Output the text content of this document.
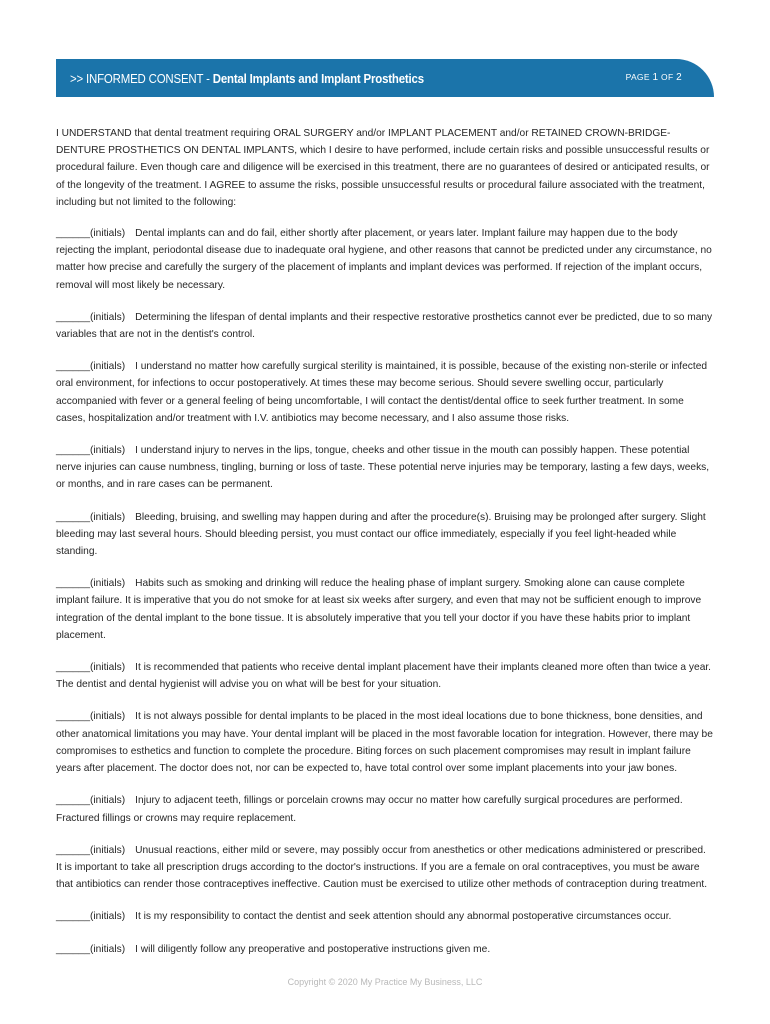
>> INFORMED CONSENT - Dental Implants and Implant Prosthetics	PAGE 1 OF 2

I UNDERSTAND that dental treatment requiring ORAL SURGERY and/or IMPLANT PLACEMENT and/or RETAINED CROWN-BRIDGE-DENTURE PROSTHETICS ON DENTAL IMPLANTS, which I desire to have performed, include certain risks and possible unsuccessful results or procedural failure. Even though care and diligence will be exercised in this treatment, there are no guarantees of desired or anticipated results, or of the longevity of the treatment. I AGREE to assume the risks, possible unsuccessful results or procedural failure associated with the treatment, including but not limited to the following:

______(initials) Dental implants can and do fail, either shortly after placement, or years later. Implant failure may happen due to the body rejecting the implant, periodontal disease due to inadequate oral hygiene, and other reasons that cannot be predicted under any circumstance, no matter how precise and carefully the surgery of the placement of implants and implant devices was performed. If rejection of the implant occurs, removal will most likely be necessary.

______(initials) Determining the lifespan of dental implants and their respective restorative prosthetics cannot ever be predicted, due to so many variables that are not in the dentist's control.

______(initials) I understand no matter how carefully surgical sterility is maintained, it is possible, because of the existing non-sterile or infected oral environment, for infections to occur postoperatively. At times these may become serious. Should severe swelling occur, particularly accompanied with fever or a general feeling of being uncomfortable, I will contact the dentist/dental office to seek further treatment. In some cases, hospitalization and/or treatment with I.V. antibiotics may become necessary, and I also assume those risks.

______(initials) I understand injury to nerves in the lips, tongue, cheeks and other tissue in the mouth can possibly happen. These potential nerve injuries can cause numbness, tingling, burning or loss of taste. These potential nerve injuries may be temporary, lasting a few days, weeks, or months, and in rare cases can be permanent.

______(initials) Bleeding, bruising, and swelling may happen during and after the procedure(s). Bruising may be prolonged after surgery. Slight bleeding may last several hours. Should bleeding persist, you must contact our office immediately, especially if you feel light-headed while standing.

______(initials) Habits such as smoking and drinking will reduce the healing phase of implant surgery. Smoking alone can cause complete implant failure. It is imperative that you do not smoke for at least six weeks after surgery, and even that may not be sufficient enough to improve integration of the dental implant to the bone tissue. It is absolutely imperative that you tell your doctor if you have these habits prior to implant placement.

______(initials) It is recommended that patients who receive dental implant placement have their implants cleaned more often than twice a year. The dentist and dental hygienist will advise you on what will be best for your situation.

______(initials) It is not always possible for dental implants to be placed in the most ideal locations due to bone thickness, bone densities, and other anatomical limitations you may have. Your dental implant will be placed in the most favorable location for integration. However, there may be compromises to esthetics and function to complete the procedure. Biting forces on such placement compromises may result in implant failure years after placement. The doctor does not, nor can be expected to, have total control over some implant placements into your jaw bones.

______(initials) Injury to adjacent teeth, fillings or porcelain crowns may occur no matter how carefully surgical procedures are performed. Fractured fillings or crowns may require replacement.

______(initials) Unusual reactions, either mild or severe, may possibly occur from anesthetics or other medications administered or prescribed. It is important to take all prescription drugs according to the doctor's instructions. If you are a female on oral contraceptives, you must be aware that antibiotics can render those contraceptives ineffective. Caution must be exercised to utilize other methods of contraception during treatment.

______(initials) It is my responsibility to contact the dentist and seek attention should any abnormal postoperative circumstances occur.

______(initials) I will diligently follow any preoperative and postoperative instructions given me.

Copyright © 2020 My Practice My Business, LLC
